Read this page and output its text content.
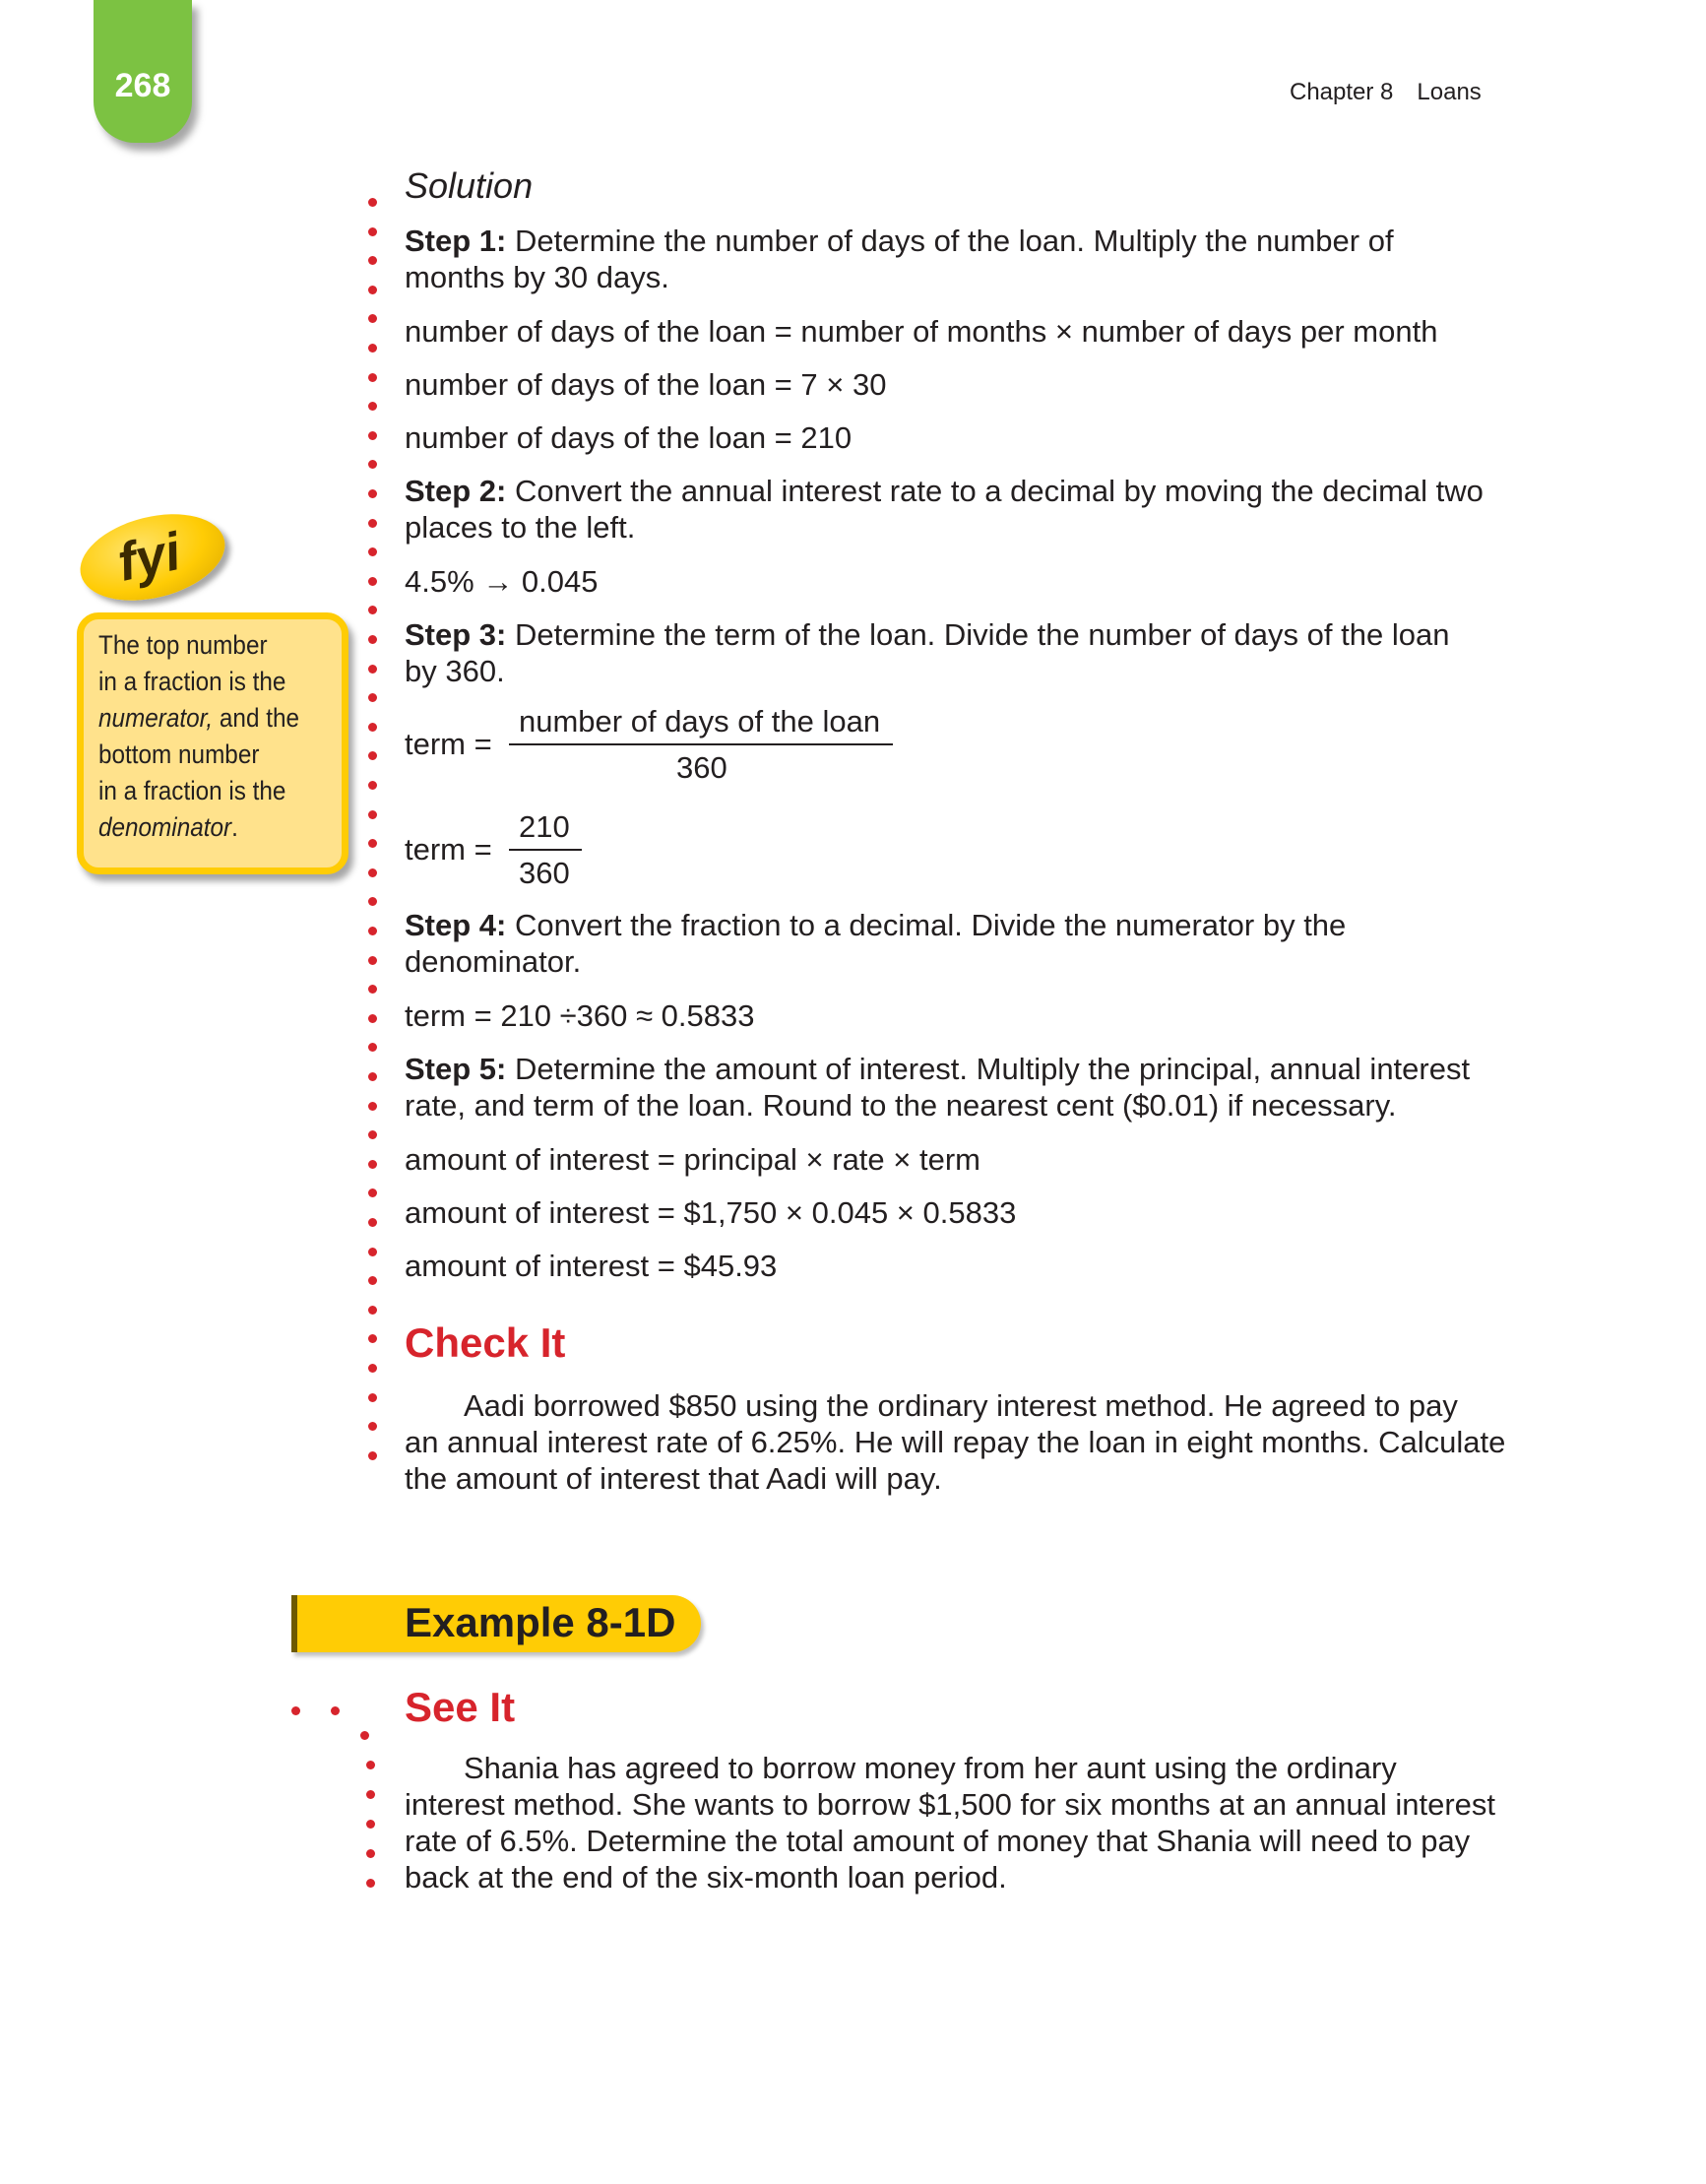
268	Chapter 8 Loans
Solution
Step 1: Determine the number of days of the loan. Multiply the number of
months by 30 days.
number of days of the loan = number of months × number of days per month
number of days of the loan = 7 × 30
number of days of the loan = 210
Step 2: Convert the annual interest rate to a decimal by moving the decimal two
places to the left.
4.5% → 0.045
Step 3: Determine the term of the loan. Divide the number of days of the loan
by 360.
term =
number of days of the loan
360
term =
210
360
Step 4: Convert the fraction to a decimal. Divide the numerator by the
denominator.
term = 210 ÷360 ≈ 0.5833
Step 5: Determine the amount of interest. Multiply the principal, annual interest
rate, and term of the loan. Round to the nearest cent ($0.01) if necessary.
amount of interest = principal × rate × term
amount of interest = $1,750 × 0.045 × 0.5833
amount of interest = $45.93
Check It
Aadi borrowed $850 using the ordinary interest method. He agreed to pay
an annual interest rate of 6.25%. He will repay the loan in eight months. Calculate
the amount of interest that Aadi will pay.
Example 8-1D
See It
Shania has agreed to borrow money from her aunt using the ordinary
interest method. She wants to borrow $1,500 for six months at an annual interest
rate of 6.5%. Determine the total amount of money that Shania will need to pay
back at the end of the six-month loan period.
fyi
The top number
in a fraction is the
numerator, and the
bottom number
in a fraction is the
denominator.
